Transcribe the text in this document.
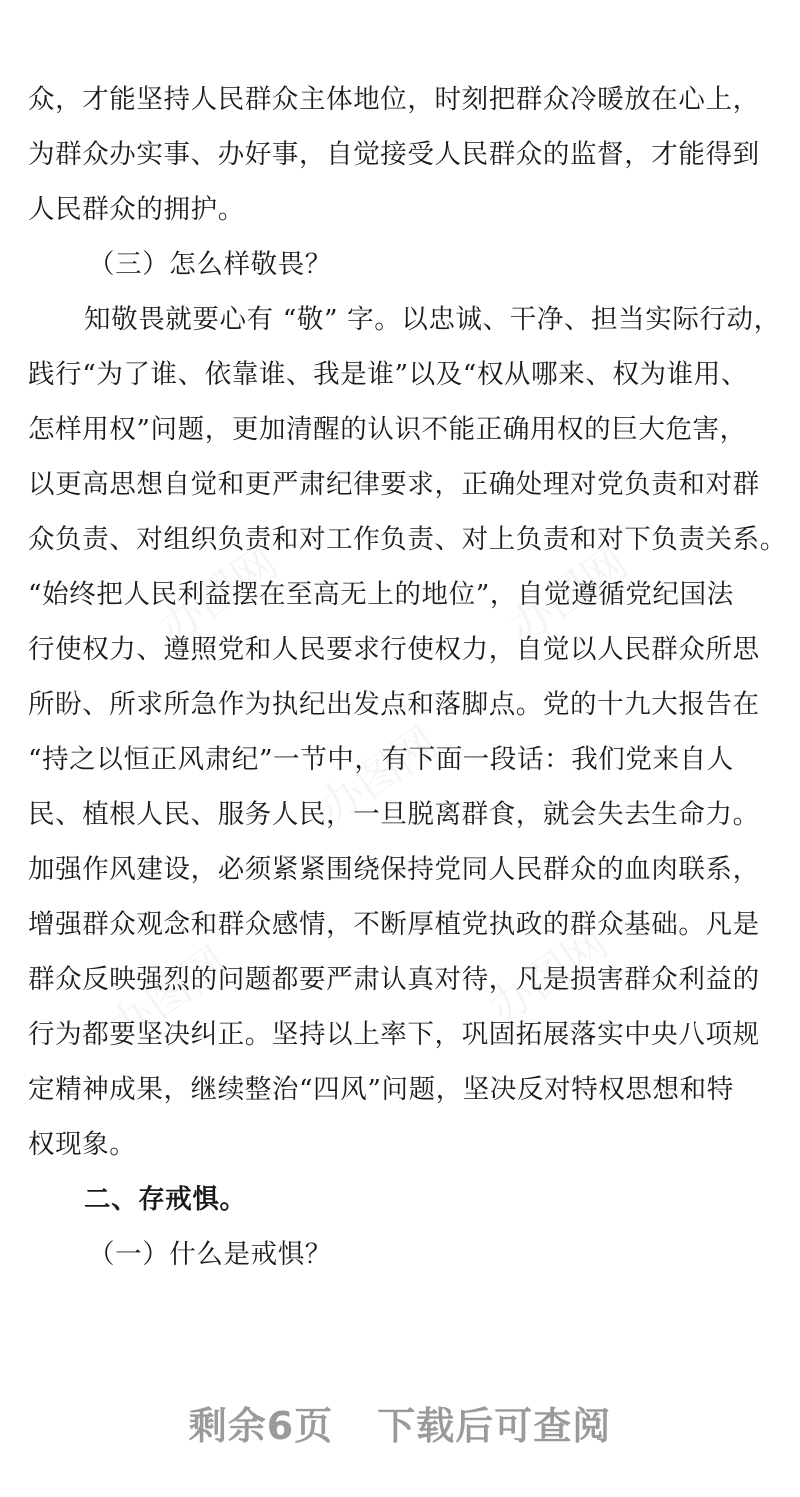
众，才能坚持人民群众主体地位，时刻把群众冷暖放在心上，
为群众办实事、办好事，自觉接受人民群众的监督，才能得到
人民群众的拥护。
（三）怎么样敬畏？
知敬畏就要心有 “敬” 字。以忠诚、干净、担当实际行动，
践行“为了谁、依靠谁、我是谁”以及“权从哪来、权为谁用、
怎样用权”问题，更加清醒的认识不能正确用权的巨大危害，
以更高思想自觉和更严肃纪律要求，正确处理对党负责和对群
众负责、对组织负责和对工作负责、对上负责和对下负责关系。
“始终把人民利益摆在至高无上的地位”，自觉遵循党纪国法
行使权力、遵照党和人民要求行使权力，自觉以人民群众所思
所盼、所求所急作为执纪出发点和落脚点。党的十九大报告在
“持之以恒正风肃纪”一节中，有下面一段话：我们党来自人
民、植根人民、服务人民，一旦脱离群食，就会失去生命力。
加强作风建设，必须紧紧围绕保持党同人民群众的血肉联系，
增强群众观念和群众感情，不断厚植党执政的群众基础。凡是
群众反映强烈的问题都要严肃认真对待，凡是损害群众利益的
行为都要坚决纠正。坚持以上率下，巩固拓展落实中央八项规
定精神成果，继续整治“四风”问题，坚决反对特权思想和特
权现象。
二、存戒惧。
（一）什么是戒惧？
剩余6页 下载后可查阅
